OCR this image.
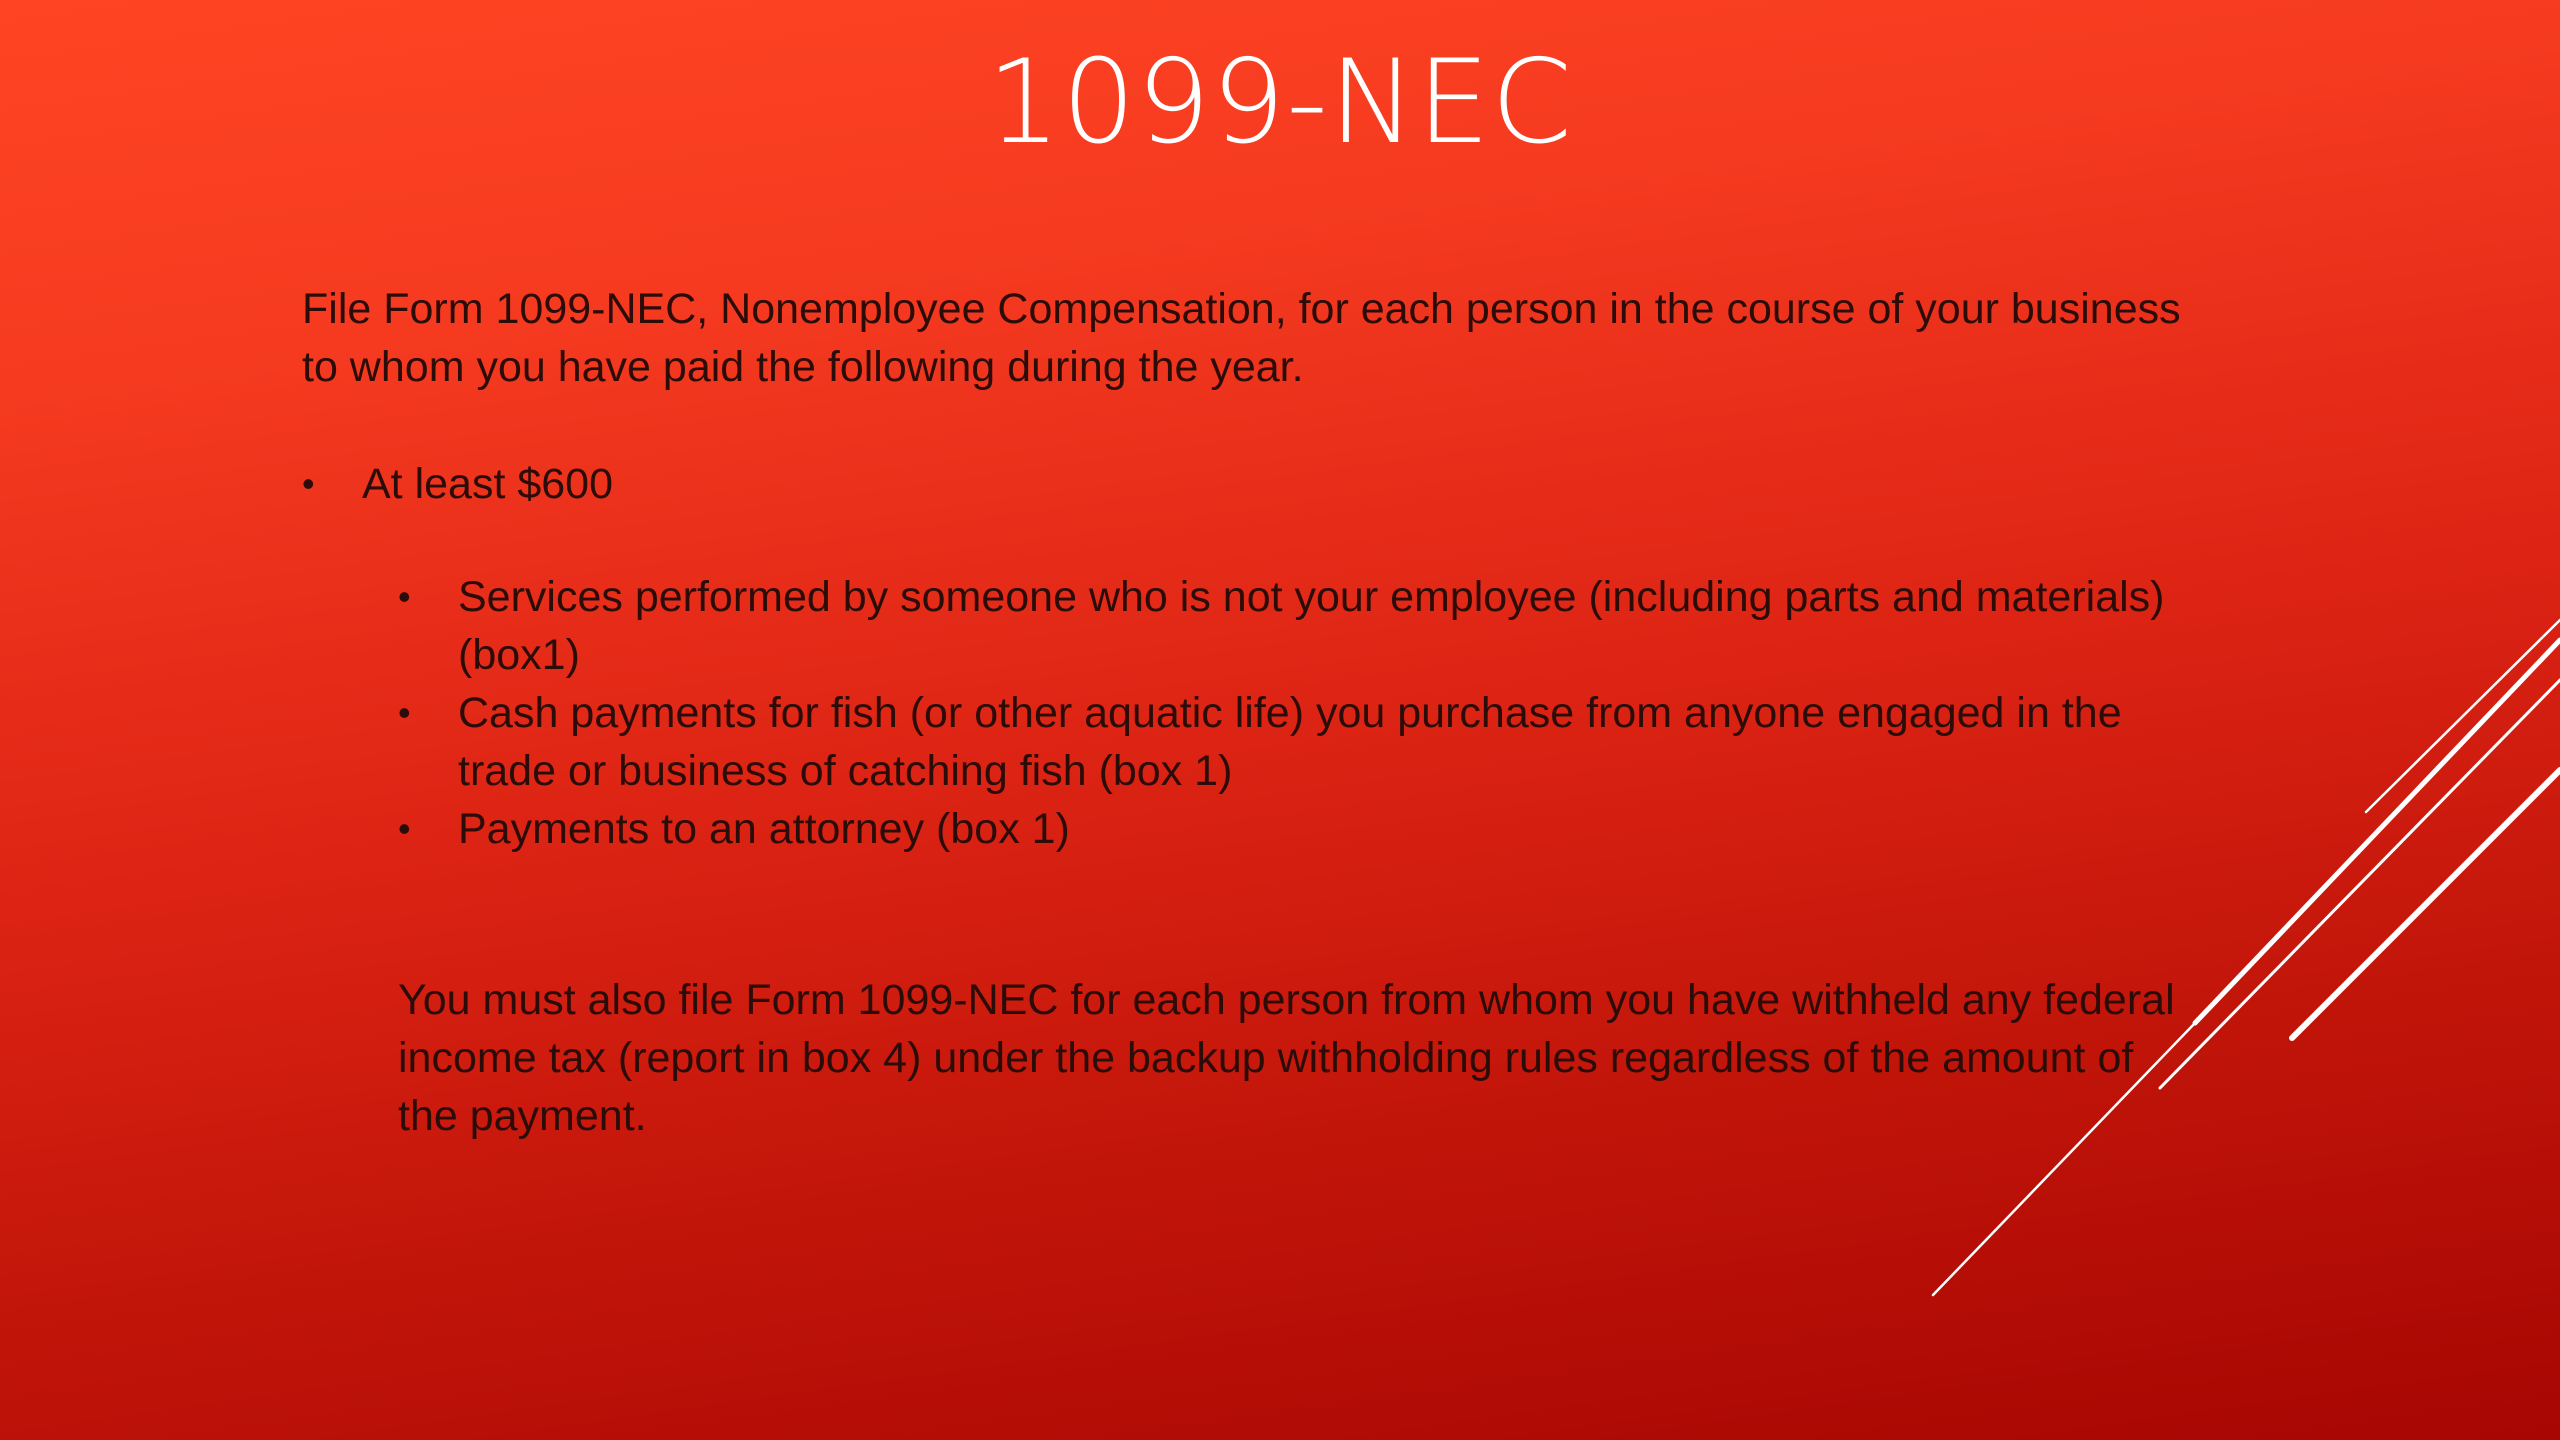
1099-NEC

File Form 1099-NEC, Nonemployee Compensation, for each person in the course of your business to whom you have paid the following during the year.

•	At least $600
•	Services performed by someone who is not your employee (including parts and materials) (box1)
•	Cash payments for fish (or other aquatic life) you purchase from anyone engaged in the trade or business of catching fish (box 1)
•	Payments to an attorney (box 1)

You must also file Form 1099-NEC for each person from whom you have withheld any federal income tax (report in box 4) under the backup withholding rules regardless of the amount of the payment.
